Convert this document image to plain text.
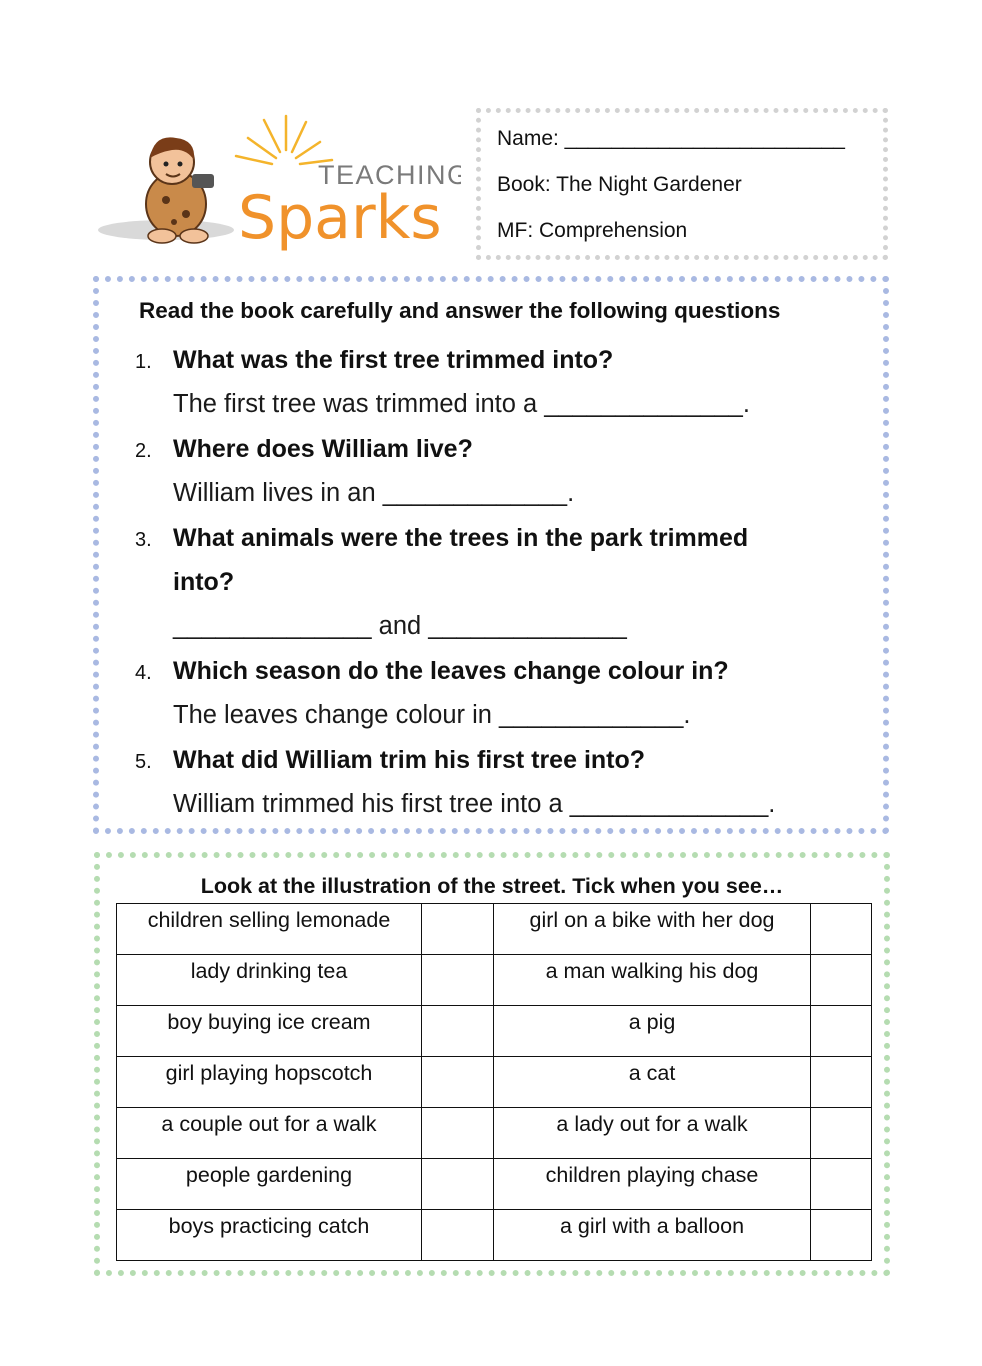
TEACHING
Sparks
Name: ________________________
Book: The Night Gardener
MF: Comprehension
Read the book carefully and answer the following questions
1. What was the first tree trimmed into?
The first tree was trimmed into a ______________.
2. Where does William live?
William lives in an _____________.
3. What animals were the trees in the park trimmed
into?
______________ and ______________
4. Which season do the leaves change colour in?
The leaves change colour in _____________.
5. What did William trim his first tree into?
William trimmed his first tree into a ______________.
Look at the illustration of the street. Tick when you see…
children selling lemonade		girl on a bike with her dog	
lady drinking tea		a man walking his dog	
boy buying ice cream		a pig	
girl playing hopscotch		a cat	
a couple out for a walk		a lady out for a walk	
people gardening		children playing chase	
boys practicing catch		a girl with a balloon	
